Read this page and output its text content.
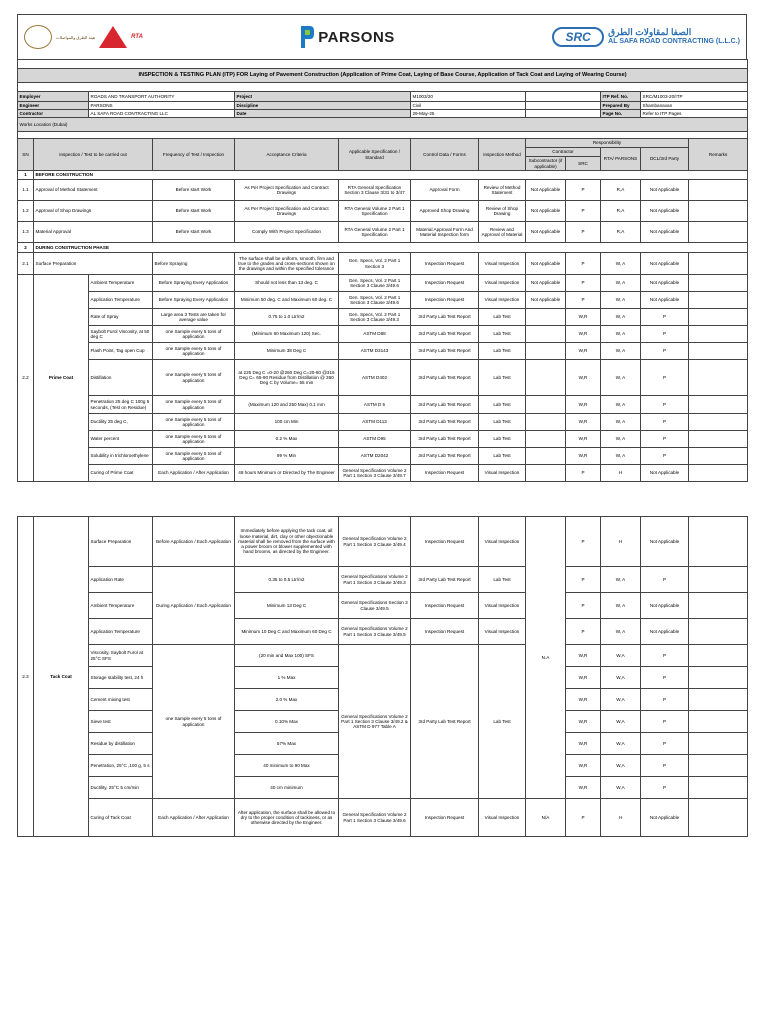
هيئة الطرق والمواصلات	RTA	PARSONS	SRC	الصفا لمقاولات الطرق
AL SAFA ROAD CONTRACTING (L.L.C.)

INSPECTION & TESTING PLAN (ITP) FOR Laying of Pavement Construction (Application of Prime Coat, Laying of Base Course, Application of Tack Coat and Laying of Wearing Course)												

Employer		ROADS AND TRANSPORT AUTHORITY		Project		M1003/20				ITP Ref. No.	SRC/M1003-20/ITP	
Engineer		PARSONS		Discipline		Civil				Prepared By	Shambanavan	
Contractor		AL SAFA ROAD CONTRACTING LLC		Date		29-May-25				Page No.	Refer to ITP Pages	
Works Location (Dubai)												

SN	Inspection / Test to be carried out		Frequency of Test / Inspection	Acceptance Criteria	Applicable Specification / Standard	Control Data / Forms	Inspection Method	Responsibility				Remarks
								Contractor		RTA/ PARSONS	DCL/3rd Party	
								Subcontractor (if applicable)	SRC			
1	BEFORE CONSTRUCTION											
1.1	Approval of Method Statement		Before start Work	As Per Project Specification and Contract Drawings	RTA General Specification Section 3 Clause 3/31 to 3/47	Approval Form	Review of Method Statement	Not Applicable	P	R,A	Not Applicable	
1.2	Approval of Shop Drawings		Before start Work	As Per Project Specification and Contract Drawings	RTA General Volume 2 Part 1 Specification	Approved Shop Drawing	Review of Shop Drawing	Not Applicable	P	R,A	Not Applicable	
1.3	Material Approval		Before start Work	Comply With Project Specification	RTA General Volume 2 Part 1 Specification	Material Approval Form And Material Inspection form	Review and Approval of Material	Not Applicable	P	R,A	Not Applicable	
2	DURING CONSTRUCTION PHASE											
2.1	Surface Preparation		Before Spraying	The surface shall be uniform, smooth, firm and true to the grades and cross-sections shown on the drawings and within the specified tolerance	Gen. Specs, Vol. 2 Part 1 Section 3	Inspection Request	Visual Inspection	Not Applicable	P	W, A	Not Applicable	
2.2	Prime Coat	Ambient Temperature	Before Spraying Every Application	Should not less than 13 deg. C	Gen. Specs, Vol. 2 Part 1 Section 3 Clause 3/49.6	Inspection Request	Visual Inspection	Not Applicable	P	W, A	Not Applicable	
		Application Temperature	Before Spraying Every Application	Minimum 50 deg. C and Maximum 60 deg. C	Gen. Specs, Vol. 2 Part 1 Section 3 Clause 3/49.6	Inspection Request	Visual Inspection	Not Applicable	P	W, A	Not Applicable	
		Rate of Spray	Large area 3 Tests are taken for average value	0.75 to 1.0 Ltr/m2	Gen. Specs, Vol. 2 Part 1 Section 3 Clause 3/49.3	3rd Party Lab Test Report	Lab Test		W,R	W, A	P	
		Saybolt Furol Viscosity, at 50 deg C	one Sample every 5 tons of application	(Minimum 60 Maximum 120) Sec.	ASTM D88	3rd Party Lab Test Report	Lab Test		W,R	W, A	P	
		Flash Point, Tag open Cup	one Sample every 5 tons of application	Minimum 38 Deg C	ASTM D3143	3rd Party Lab Test Report	Lab Test		W,R	W, A	P	
		Distillation	one Sample every 5 tons of application	at 225 Deg C =0-20 @260 Deg C=20-60 @316 Deg C= 65-90 Residue from Distillation @ 360 Deg C by Volume= 55 min	ASTM D402	3rd Party Lab Test Report	Lab Test		W,R	W, A	P	
		Penetration 25 deg C 100g 5 seconds, (Test on Residue)	one Sample every 5 tons of application	(Maximum 120 and 250 Max) 0.1 mm	ASTM D 5	3rd Party Lab Test Report	Lab Test		W,R	W, A	P	
		Ductility 25 deg C,	one Sample every 5 tons of application	100 cm Min	ASTM D113	3rd Party Lab Test Report	Lab Test		W,R	W, A	P	
		Water percent	one Sample every 5 tons of application	0.2 % Max	ASTM D95	3rd Party Lab Test Report	Lab Test		W,R	W, A	P	
		Solubility in trichloroethylene	one Sample every 5 tons of application	99 % Min	ASTM D2042	3rd Party Lab Test Report	Lab Test		W,R	W, A	P	
		Curing of Prime Coat	Each Application / After Application	48 hours Minimum or Directed by The Engineer	General Specification Volume 2 Part 1 Section 3 Clause 3/49.7	Inspection Request	Visual Inspection		P	H	Not Applicable	
2.3	Tack Coat	Surface Preparation	Before Application / Each Application	Immediately before applying the tack coat, all loose material, dirt, clay or other objectionable material shall be removed from the surface with a power broom or blower supplemented with hand brooms, as directed by the Engineer.	General Specification Volume 2 Part 1 Section 3 Clause 3/49.4	Inspection Request	Visual Inspection	N.A	P	H	Not Applicable	
		Application Rate	During Application / Each Application	0.35 to 0.5 Ltr/m2	General Specifications Volume 2 Part 1 Section 3 Clause 3/49.3	3rd Party Lab Test Report	Lab Test		P	W, A	P	
		Ambient Temperature		Minimum 13 Deg C	General Specifications Section 3 Clause 3/49.5	Inspection Request	Visual Inspection		P	W, A	Not Applicable	
		Application Temperature		Minimum 10 Deg C and Maximum 60 Deg C	General Specifications Volume 2 Part 1 Section 3 Clause 3/49.5	Inspection Request	Visual Inspection		P	W, A	Not Applicable	
		Viscosity, Saybolt Furol at 25°C SFS	one Sample every 5 tons of application	(20 min and Max 100) SFS	General Specifications Volume 2 Part 1 Section 3 Clause 3/49.2 & ASTM D 977 Table A	3rd Party Lab Test Report	Lab Test		W,R	W,A	P	
		Storage stability test, 24 h		1 % Max					W,R	W,A	P	
		Cement mixing test		2.0 % Max					W,R	W,A	P	
		Sieve test		0.10% Max					W,R	W,A	P	
		Residue by distillation		57% Max					W,R	W,A	P	
		Penetration, 25°C ,100 g, 5 s		40 minimum to 90 Max					W,R	W,A	P	
		Ductility, 25°C 5 cm/min		40 cm minimum					W,R	W,A	P	
		Curing of Tack Coat	Each Application / After Application	After application, the surface shall be allowed to dry to the proper condition of tackiness, or as otherwise directed by the Engineer.	General Specification Volume 2 Part 1 Section 3 Clause 3/49.6	Inspection Request	Visual Inspection	N/A	P	H	Not Applicable	
